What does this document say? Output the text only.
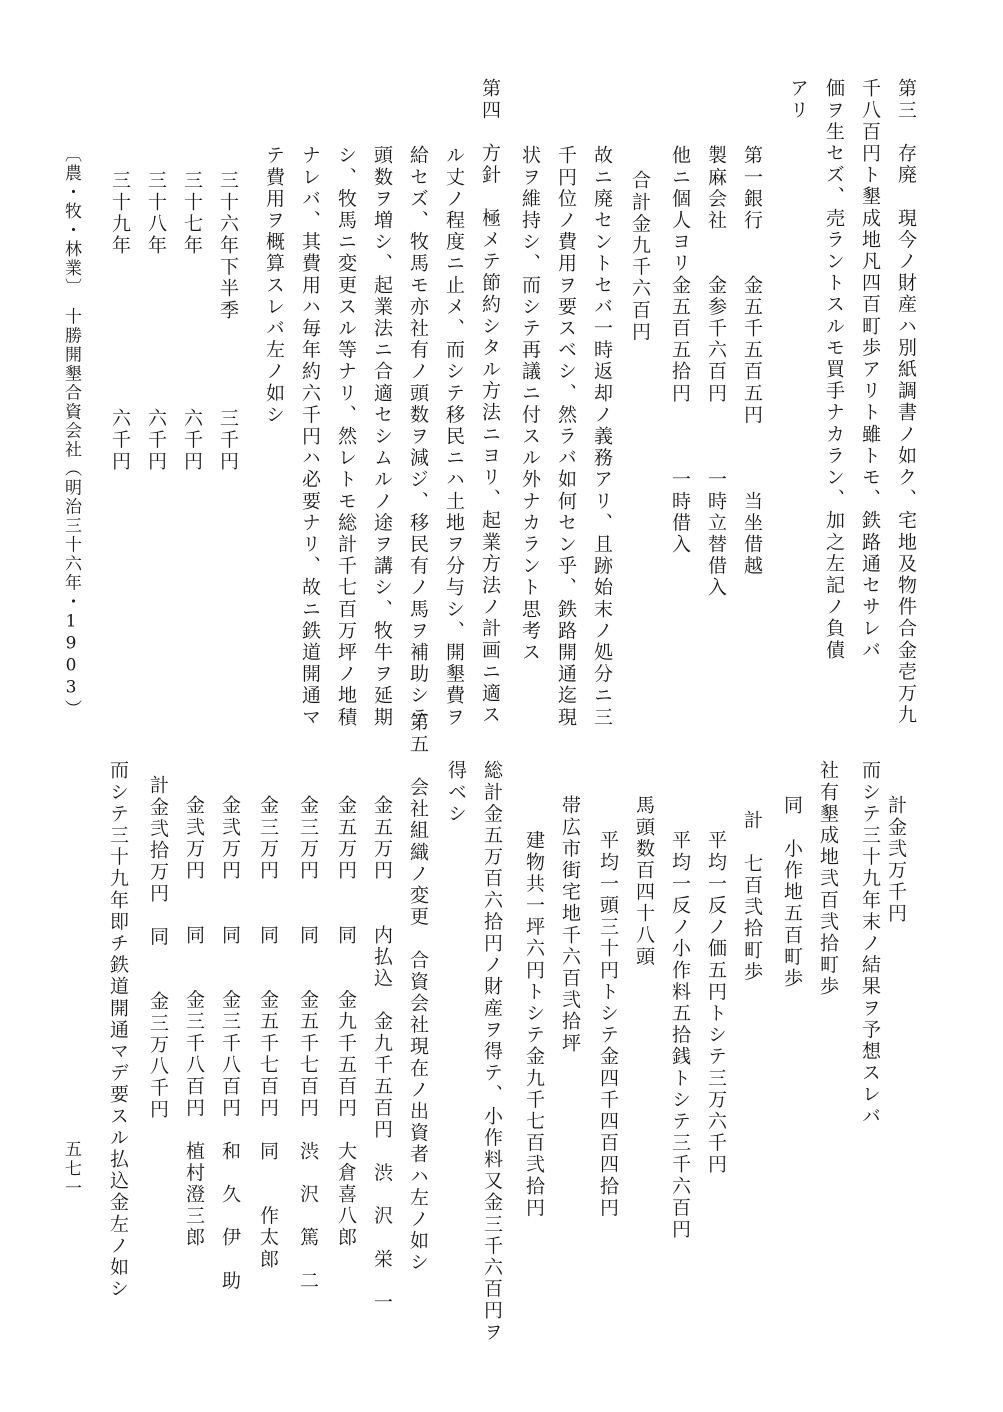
第三　存廃　現今ノ財産ハ別紙調書ノ如ク、宅地及物件合金壱万九

千八百円ト墾成地凡四百町歩アリト雖トモ、鉄路通セサレバ

価ヲ生セズ、売ラントスルモ買手ナカラン、加之左記ノ負債

アリ

第一銀行　　金五千五百五円　　　当坐借越

製麻会社　　金参千六百円　　　一時立替借入

他ニ個人ヨリ金五百五拾円　　　一時借入

合計金九千六百円

故ニ廃セントセバ一時返却ノ義務アリ、且跡始末ノ処分ニ三

千円位ノ費用ヲ要スベシ、然ラバ如何セン乎、鉄路開通迄現

状ヲ維持シ、而シテ再議ニ付スル外ナカラント思考ス

第四　方針　極メテ節約シタル方法ニヨリ、起業方法ノ計画ニ適ス

ル丈ノ程度ニ止メ、而シテ移民ニハ土地ヲ分与シ、開墾費ヲ

給セズ、牧馬モ亦社有ノ頭数ヲ減ジ、移民有ノ馬ヲ補助シテ

頭数ヲ増シ、起業法ニ合適セシムルノ途ヲ講シ、牧牛ヲ延期

シ、牧馬ニ変更スル等ナリ、然レトモ総計千七百万坪ノ地積

ナレバ、其費用ハ毎年約六千円ハ必要ナリ、故ニ鉄道開通マ

テ費用ヲ概算スレバ左ノ如シ

三十六年下半季　　　　三千円

三十七年　　　　　　　六千円

三十八年　　　　　　　六千円

三十九年　　　　　　　六千円

〔農・牧・林業〕　十勝開墾合資会社（明治三十六年・1903）

計金弐万千円

而シテ三十九年末ノ結果ヲ予想スレバ

社有墾成地弐百弐拾町歩

同　小作地五百町歩

計　七百弐拾町歩

平均一反ノ価五円トシテ三万六千円

平均一反ノ小作料五拾銭トシテ三千六百円

馬頭数百四十八頭

平均一頭三十円トシテ金四千四百四拾円

帯広市街宅地千六百弐拾坪

建物共一坪六円トシテ金九千七百弐拾円

総計金五万百六拾円ノ財産ヲ得テ、小作料又金三千六百円ヲ

得ベシ

第五　会社組織ノ変更　合資会社現在ノ出資者ハ左ノ如シ

金五万円　　内払込　金九千五百円　渋　沢　栄　一

金五万円　　同　　金九千五百円　大倉喜八郎

金三万円　　同　　金五千七百円　渋　沢　篤　二

金三万円　　同　　金五千七百円　同　　作太郎

金弐万円　　同　　金三千八百円　和　久　伊　助

金弐万円　　同　　金三千八百円　植村澄三郎

計金弐拾万円　同　　金三万八千円

而シテ三十九年即チ鉄道開通マデ要スル払込金左ノ如シ

五七一
